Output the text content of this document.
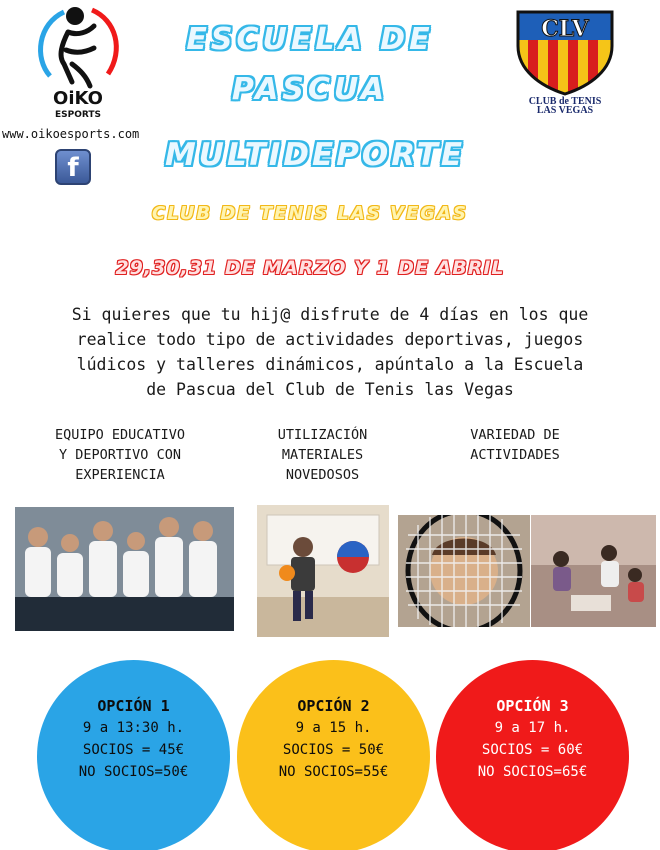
OiKO
ESPORTS
www.oikoesports.com
f
CLV
CLUB de TENIS
LAS VEGAS
ESCUELA DE
PASCUA
MULTIDEPORTE
CLUB DE TENIS LAS VEGAS
29,30,31 DE MARZO Y 1 DE ABRIL
Si quieres que tu hij@ disfrute de 4 días en los que
realice todo tipo de actividades deportivas, juegos
lúdicos y talleres dinámicos, apúntalo a la Escuela
de Pascua del Club de Tenis las Vegas
EQUIPO EDUCATIVO
Y DEPORTIVO CON
EXPERIENCIA
UTILIZACIÓN
MATERIALES
NOVEDOSOS
VARIEDAD DE
ACTIVIDADES
OPCIÓN 1
9 a 13:30 h.
SOCIOS = 45€
NO SOCIOS=50€
OPCIÓN 2
9 a 15 h.
SOCIOS = 50€
NO SOCIOS=55€
OPCIÓN 3
9 a 17 h.
SOCIOS = 60€
NO SOCIOS=65€
